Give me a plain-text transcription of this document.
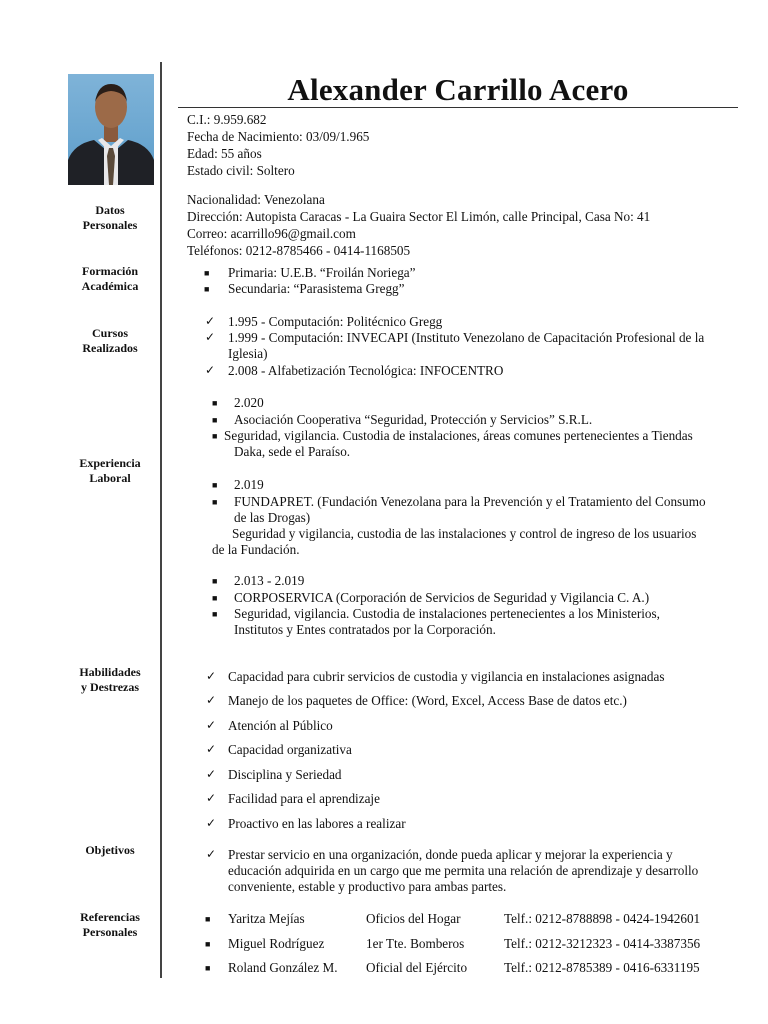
Datos
Personales
Formación
Académica
Cursos
Realizados
Experiencia
Laboral
Habilidades
y Destrezas
Objetivos
Referencias
Personales
Alexander Carrillo Acero
C.I.: 9.959.682
Fecha de Nacimiento: 03/09/1.965
Edad: 55 años
Estado civil: Soltero
Nacionalidad: Venezolana
Dirección: Autopista Caracas - La Guaira Sector El Limón, calle Principal, Casa No: 41
Correo: acarrillo96@gmail.com
Teléfonos: 0212-8785466 - 0414-1168505
■ Primaria: U.E.B. “Froilán Noriega”
■ Secundaria: “Parasistema Gregg”
✓ 1.995 - Computación: Politécnico Gregg
✓ 1.999 - Computación: INVECAPI (Instituto Venezolano de Capacitación Profesional de la
Iglesia)
✓ 2.008 - Alfabetización Tecnológica: INFOCENTRO
■ 2.020
■ Asociación Cooperativa “Seguridad, Protección y Servicios” S.R.L.
■ Seguridad, vigilancia. Custodia de instalaciones, áreas comunes pertenecientes a Tiendas
Daka, sede el Paraíso.
■ 2.019
■ FUNDAPRET. (Fundación Venezolana para la Prevención y el Tratamiento del Consumo
de las Drogas)
Seguridad y vigilancia, custodia de las instalaciones y control de ingreso de los usuarios
de la Fundación.
■ 2.013 - 2.019
■ CORPOSERVICA (Corporación de Servicios de Seguridad y Vigilancia C. A.)
■ Seguridad, vigilancia. Custodia de instalaciones pertenecientes a los Ministerios,
Institutos y Entes contratados por la Corporación.
✓ Capacidad para cubrir servicios de custodia y vigilancia en instalaciones asignadas
✓ Manejo de los paquetes de Office: (Word, Excel, Access Base de datos etc.)
✓ Atención al Público
✓ Capacidad organizativa
✓ Disciplina y Seriedad
✓ Facilidad para el aprendizaje
✓ Proactivo en las labores a realizar
✓ Prestar servicio en una organización, donde pueda aplicar y mejorar la experiencia y
educación adquirida en un cargo que me permita una relación de aprendizaje y desarrollo
conveniente, estable y productivo para ambas partes.
■ Yaritza Mejías	Oficios del Hogar	Telf.: 0212-8788898 - 0424-1942601
■ Miguel Rodríguez	1er Tte. Bomberos	Telf.: 0212-3212323 - 0414-3387356
■ Roland González M. Oficial del Ejército	Telf.: 0212-8785389 - 0416-6331195
